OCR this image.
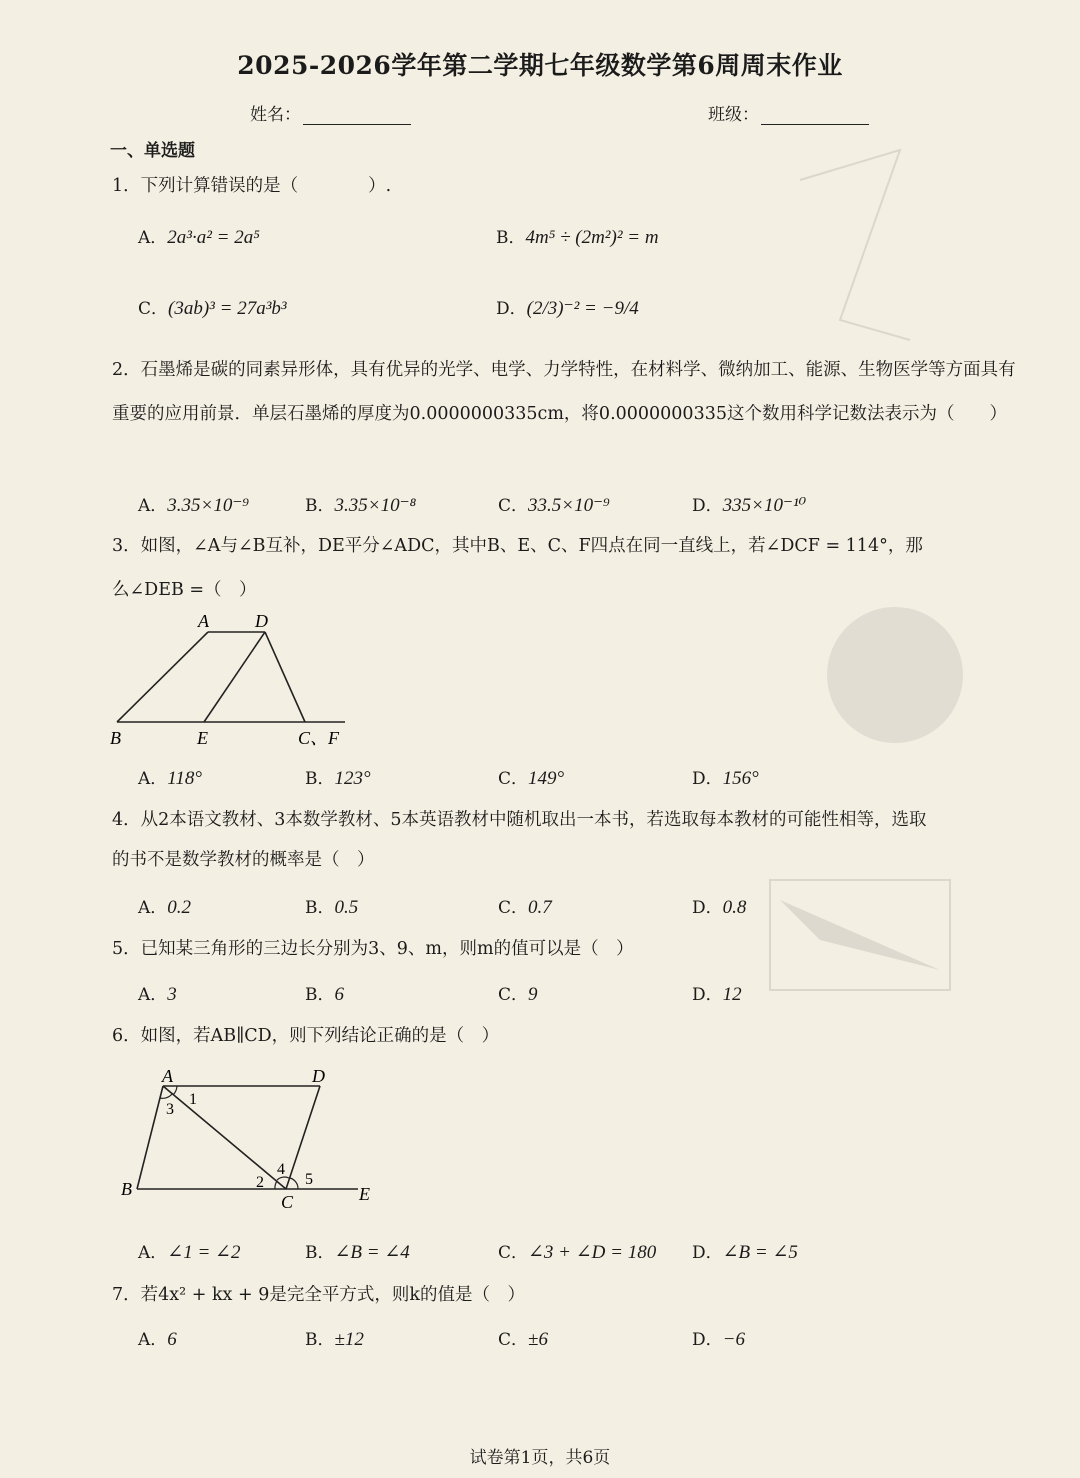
2025-2026学年第二学期七年级数学第6周周末作业
姓名：	班级：
一、单选题
1．下列计算错误的是（　　　　）.
A．2a³·a² = 2a⁵	B．4m⁵ ÷ (2m²)² = m
C．(3ab)³ = 27a³b³	D．(2/3)⁻² = −9/4
2．石墨烯是碳的同素异形体，具有优异的光学、电学、力学特性，在材料学、微纳加工、能源、生物医学等方面具有重要的应用前景．单层石墨烯的厚度为0.0000000335cm，将0.0000000335这个数用科学记数法表示为（　　）
A．3.35×10⁻⁹	B．3.35×10⁻⁸	C．33.5×10⁻⁹	D．335×10⁻¹⁰
3．如图，∠A与∠B互补，DE平分∠ADC，其中B、E、C、F四点在同一直线上，若∠DCF = 114°，那
么∠DEB =（　）
A	D
B	E	C、F
A．118°	B．123°	C．149°	D．156°
4．从2本语文教材、3本数学教材、5本英语教材中随机取出一本书，若选取每本教材的可能性相等，选取
的书不是数学教材的概率是（　）
A．0.2	B．0.5	C．0.7	D．0.8
5．已知某三角形的三边长分别为3、9、m，则m的值可以是（　）
A．3	B．6	C．9	D．12
6．如图，若AB∥CD，则下列结论正确的是（　）
A	D
B
C	E
1
2
3
4
5
A．∠1 = ∠2	B．∠B = ∠4	C．∠3 + ∠D = 180 D．∠B = ∠5
7．若4x² + kx + 9是完全平方式，则k的值是（　）
A．6	B．±12	C．±6	D．−6
试卷第1页，共6页
